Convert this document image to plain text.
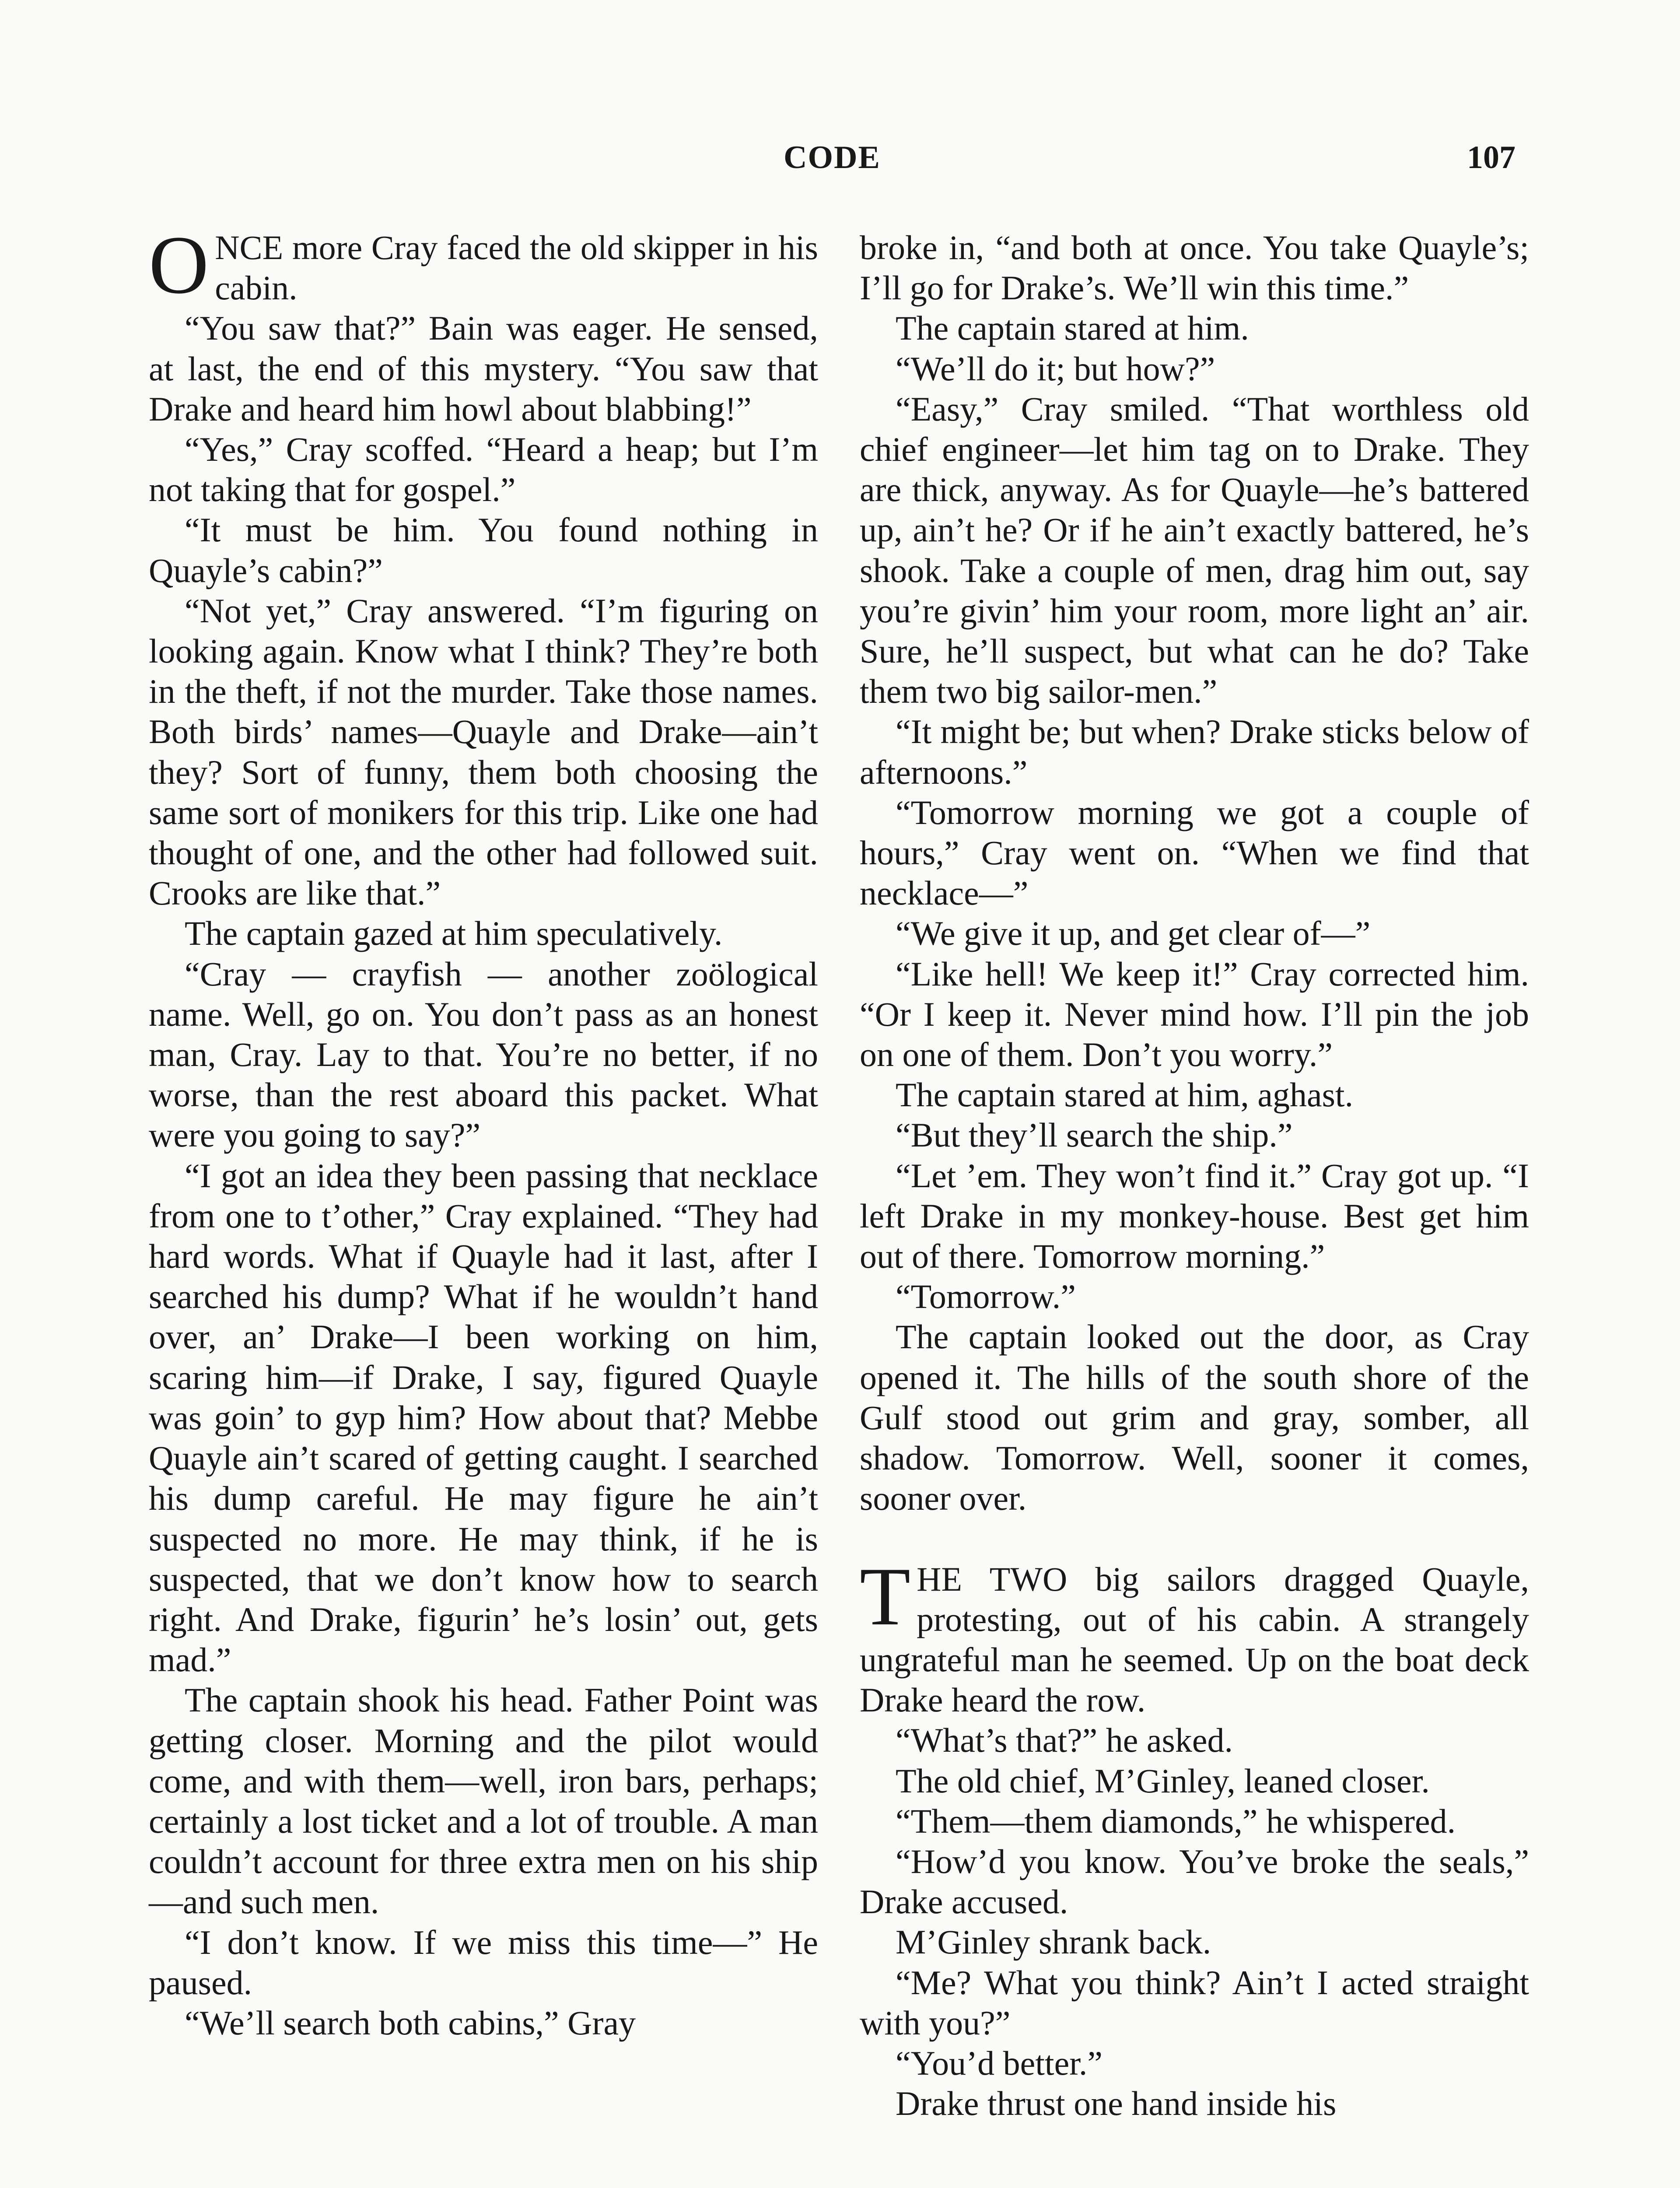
CODE	107

ONCE more Cray faced the old skipper in his cabin.

“You saw that?” Bain was eager. He sensed, at last, the end of this mystery. “You saw that Drake and heard him howl about blabbing!”

“Yes,” Cray scoffed. “Heard a heap; but I’m not taking that for gospel.”

“It must be him. You found nothing in Quayle’s cabin?”

“Not yet,” Cray answered. “I’m figuring on looking again. Know what I think? They’re both in the theft, if not the murder. Take those names. Both birds’ names—Quayle and Drake—ain’t they? Sort of funny, them both choosing the same sort of monikers for this trip. Like one had thought of one, and the other had followed suit. Crooks are like that.”

The captain gazed at him speculatively.

“Cray — crayfish — another zoölogical name. Well, go on. You don’t pass as an honest man, Cray. Lay to that. You’re no better, if no worse, than the rest aboard this packet. What were you going to say?”

“I got an idea they been passing that necklace from one to t’other,” Cray explained. “They had hard words. What if Quayle had it last, after I searched his dump? What if he wouldn’t hand over, an’ Drake—I been working on him, scaring him—if Drake, I say, figured Quayle was goin’ to gyp him? How about that? Mebbe Quayle ain’t scared of getting caught. I searched his dump careful. He may figure he ain’t suspected no more. He may think, if he is suspected, that we don’t know how to search right. And Drake, figurin’ he’s losin’ out, gets mad.”

The captain shook his head. Father Point was getting closer. Morning and the pilot would come, and with them—well, iron bars, perhaps; certainly a lost ticket and a lot of trouble. A man couldn’t account for three extra men on his ship—and such men.

“I don’t know. If we miss this time—” He paused.

“We’ll search both cabins,” Gray

broke in, “and both at once. You take Quayle’s; I’ll go for Drake’s. We’ll win this time.”

The captain stared at him.

“We’ll do it; but how?”

“Easy,” Cray smiled. “That worthless old chief engineer—let him tag on to Drake. They are thick, anyway. As for Quayle—he’s battered up, ain’t he? Or if he ain’t exactly battered, he’s shook. Take a couple of men, drag him out, say you’re givin’ him your room, more light an’ air. Sure, he’ll suspect, but what can he do? Take them two big sailor-men.”

“It might be; but when? Drake sticks below of afternoons.”

“Tomorrow morning we got a couple of hours,” Cray went on. “When we find that necklace—”

“We give it up, and get clear of—”

“Like hell! We keep it!” Cray corrected him. “Or I keep it. Never mind how. I’ll pin the job on one of them. Don’t you worry.”

The captain stared at him, aghast.

“But they’ll search the ship.”

“Let ’em. They won’t find it.” Cray got up. “I left Drake in my monkey-house. Best get him out of there. Tomorrow morning.”

“Tomorrow.”

The captain looked out the door, as Cray opened it. The hills of the south shore of the Gulf stood out grim and gray, somber, all shadow. Tomorrow. Well, sooner it comes, sooner over.

THE TWO big sailors dragged Quayle, protesting, out of his cabin. A strangely ungrateful man he seemed. Up on the boat deck Drake heard the row.

“What’s that?” he asked.

The old chief, M’Ginley, leaned closer.

“Them—them diamonds,” he whispered.

“How’d you know. You’ve broke the seals,” Drake accused.

M’Ginley shrank back.

“Me? What you think? Ain’t I acted straight with you?”

“You’d better.”

Drake thrust one hand inside his
